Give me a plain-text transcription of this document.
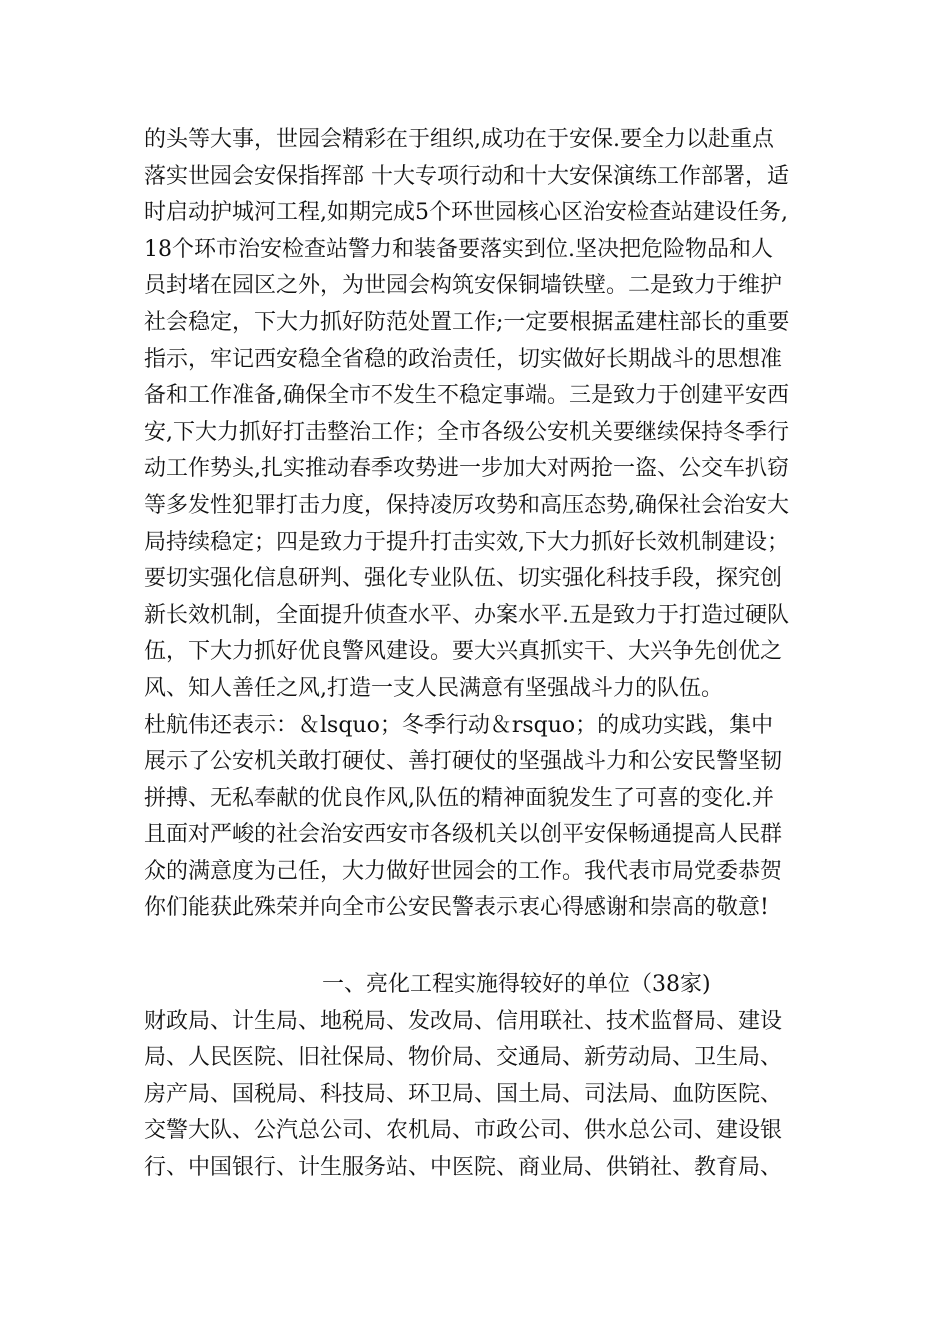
的头等大事，世园会精彩在于组织,成功在于安保.要全力以赴重点
落实世园会安保指挥部 十大专项行动和十大安保演练工作部署，适
时启动护城河工程,如期完成5个环世园核心区治安检查站建设任务,
18个环市治安检查站警力和装备要落实到位.坚决把危险物品和人
员封堵在园区之外，为世园会构筑安保铜墙铁壁。二是致力于维护
社会稳定，下大力抓好防范处置工作;一定要根据孟建柱部长的重要
指示，牢记西安稳全省稳的政治责任，切实做好长期战斗的思想准
备和工作准备,确保全市不发生不稳定事端。三是致力于创建平安西
安,下大力抓好打击整治工作；全市各级公安机关要继续保持冬季行
动工作势头,扎实推动春季攻势进一步加大对两抢一盗、公交车扒窃
等多发性犯罪打击力度，保持凌厉攻势和高压态势,确保社会治安大
局持续稳定；四是致力于提升打击实效,下大力抓好长效机制建设；
要切实强化信息研判、强化专业队伍、切实强化科技手段，探究创
新长效机制，全面提升侦查水平、办案水平.五是致力于打造过硬队
伍，下大力抓好优良警风建设。要大兴真抓实干、大兴争先创优之
风、知人善任之风,打造一支人民满意有坚强战斗力的队伍。
杜航伟还表示：＆lsquo；冬季行动＆rsquo；的成功实践，集中
展示了公安机关敢打硬仗、善打硬仗的坚强战斗力和公安民警坚韧
拼搏、无私奉献的优良作风,队伍的精神面貌发生了可喜的变化.并
且面对严峻的社会治安西安市各级机关以创平安保畅通提高人民群
众的满意度为己任，大力做好世园会的工作。我代表市局党委恭贺
你们能获此殊荣并向全市公安民警表示衷心得感谢和崇高的敬意!
一、亮化工程实施得较好的单位（38家)
财政局、计生局、地税局、发改局、信用联社、技术监督局、建设
局、人民医院、旧社保局、物价局、交通局、新劳动局、卫生局、
房产局、国税局、科技局、环卫局、国土局、司法局、血防医院、
交警大队、公汽总公司、农机局、市政公司、供水总公司、建设银
行、中国银行、计生服务站、中医院、商业局、供销社、教育局、
